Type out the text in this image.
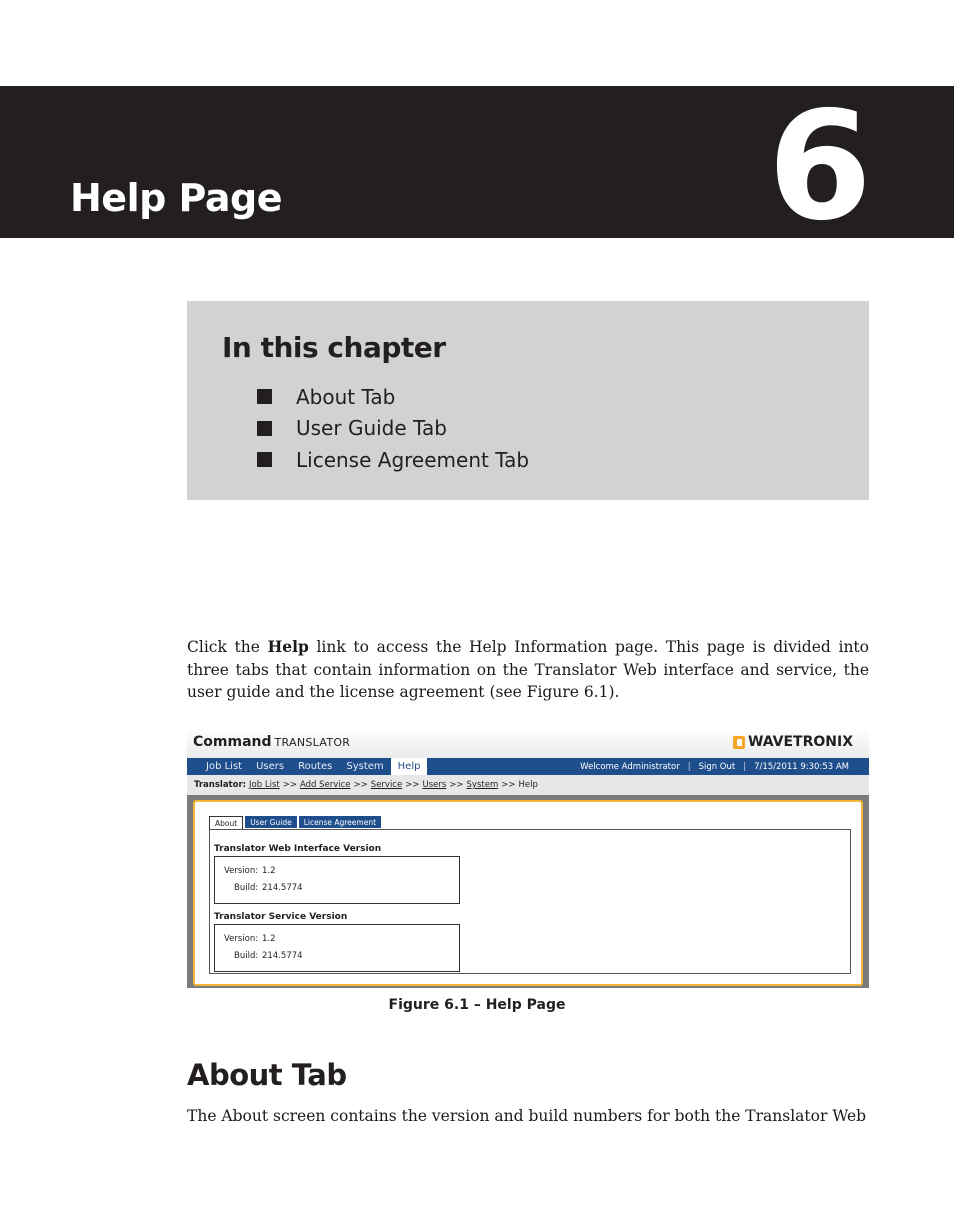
Help Page	6
In this chapter
About Tab
User Guide Tab
License Agreement Tab

Click the Help link to access the Help Information page. This page is divided into three tabs that contain information on the Translator Web interface and service, the user guide and the license agreement (see Figure 6.1).

Command TRANSLATOR	WAVETRONIX
Job List	Users	Routes	System	Help	Welcome Administrator | Sign Out | 7/15/2011 9:30:53 AM
Translator: Job List >> Add Service >> Service >> Users >> System >> Help
About	User Guide	License Agreement
Translator Web Interface Version
Version: 1.2
Build: 214.5774
Translator Service Version
Version: 1.2
Build: 214.5774

Figure 6.1 – Help Page

About Tab

The About screen contains the version and build numbers for both the Translator Web
